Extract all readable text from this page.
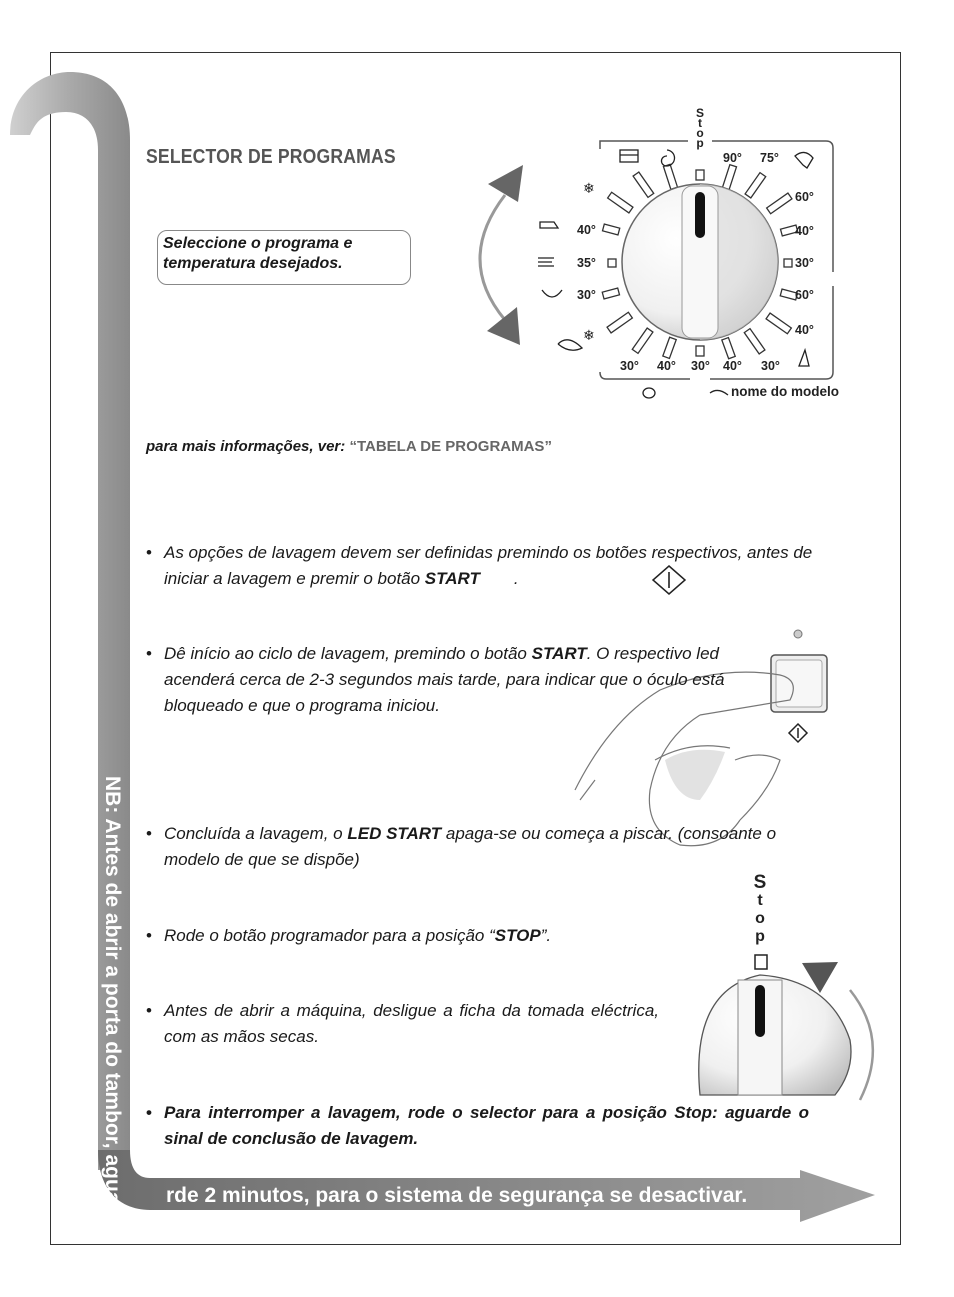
❄
❄
SELECTOR DE PROGRAMAS
Seleccione o programa e temperatura desejados.
S
t
o
p
90° 75°
60°
40°
30°
60°
40°
40°
35°
30°
30° 40° 30° 40° 30°
nome do modelo
para mais informações, ver: “TABELA DE PROGRAMAS”
• As opções de lavagem devem ser definidas premindo os botões respectivos, antes de iniciar a lavagem e premir o botão START .
• Dê início ao ciclo de lavagem, premindo o botão START. O respectivo led acenderá cerca de 2-3 segundos mais tarde, para indicar que o óculo está bloqueado e que o programa iniciou.
• Concluída a lavagem, o LED START apaga-se ou começa a piscar. (consoante o modelo de que se dispõe)
• Rode o botão programador para a posição “STOP”.
• Antes de abrir a máquina, desligue a ficha da tomada eléctrica, com as mãos secas.
• Para interromper a lavagem, rode o selector para a posição Stop: aguarde o sinal de conclusão de lavagem.
S
t
o
p
NB: Antes de abrir a porta do tambor, agua rde 2 minutos, para o sistema de segurança se desactivar.
